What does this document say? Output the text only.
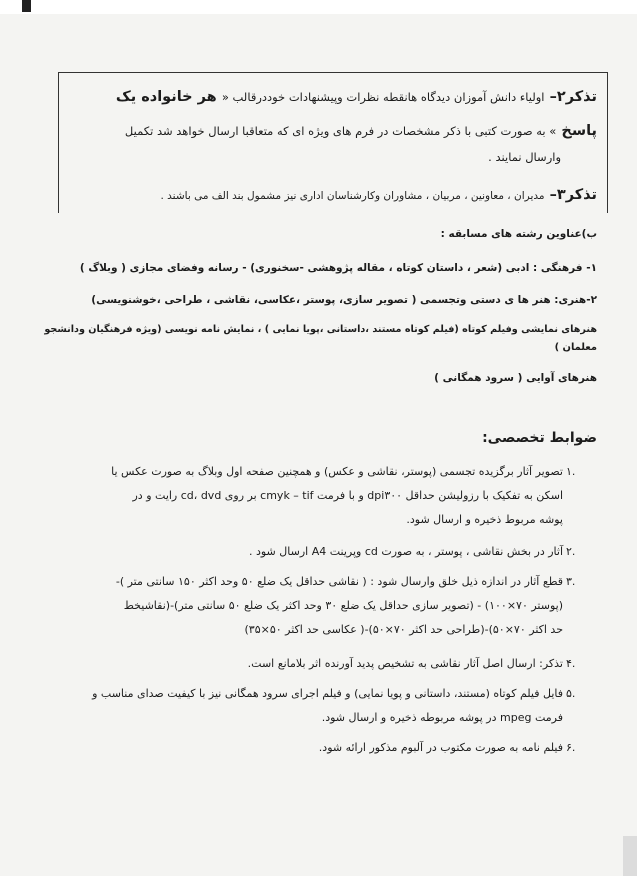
تذکر۲– اولیاء دانش آموزان دیدگاه هانقطه نظرات وپیشنهادات خوددرقالب « هر خانواده یک
پاسخ » به صورت کتبی با ذکر مشخصات در فرم های ویژه ای که متعاقبا ارسال خواهد شد تکمیل
وارسال نمایند .
تذکر۳– مدیران ، معاونین ، مربیان ، مشاوران وکارشناسان اداری نیز مشمول بند الف می باشند .
ب)عناوین رشته های مسابقه :
۱- فرهنگی : ادبی (شعر ، داستان کوتاه ، مقاله پژوهشی -سخنوری) - رسانه وفضای مجازی ( وبلاگ )
۲-هنری: هنر ها ی دستی وتجسمی ( تصویر سازی، پوستر ،عکاسی، نقاشی ، طراحی ،خوشنویسی)
هنرهای نمایشی وفیلم کوتاه (فیلم کوتاه مستند ،داستانی ،پویا نمایی ) ، نمایش نامه نویسی (ویژه فرهنگیان ودانشجو
معلمان )
هنرهای آوایی ( سرود همگانی )
ضوابط تخصصی:
۱.
تصویر آثار برگزیده تجسمی (پوستر، نقاشی و عکس) و همچنین صفحه اول وبلاگ به صورت عکس یا
اسکن به تفکیک با رزولیشن حداقل dpi۳۰۰ و با فرمت cmyk – tif بر روی cd، dvd رایت و در
پوشه مربوط ذخیره و ارسال شود.
۲.
آثار در بخش نقاشی ، پوستر ، به صورت cd وپرینت A4 ارسال شود .
۳.
قطع آثار در اندازه ذیل خلق وارسال شود : ( نقاشی حداقل یک ضلع ۵۰ وحد اکثر ۱۵۰ سانتی متر )-
(پوستر ۷۰×۱۰۰) - (تصویر سازی حداقل یک ضلع ۳۰ وحد اکثر یک ضلع ۵۰ سانتی متر)-(نقاشیخط
حد اکثر ۷۰×۵۰)-(طراحی حد اکثر ۷۰×۵۰)-( عکاسی حد اکثر ۵۰×۳۵)
۴.
تذکر: ارسال اصل آثار نقاشی به تشخیص پدید آورنده اثر بلامانع است.
۵.
فایل فیلم کوتاه (مستند، داستانی و پویا نمایی) و فیلم اجرای سرود همگانی نیز با کیفیت صدای مناسب و
فرمت mpeg در پوشه مربوطه ذخیره و ارسال شود.
۶.
فیلم نامه به صورت مکتوب در آلبوم مذکور ارائه شود.
